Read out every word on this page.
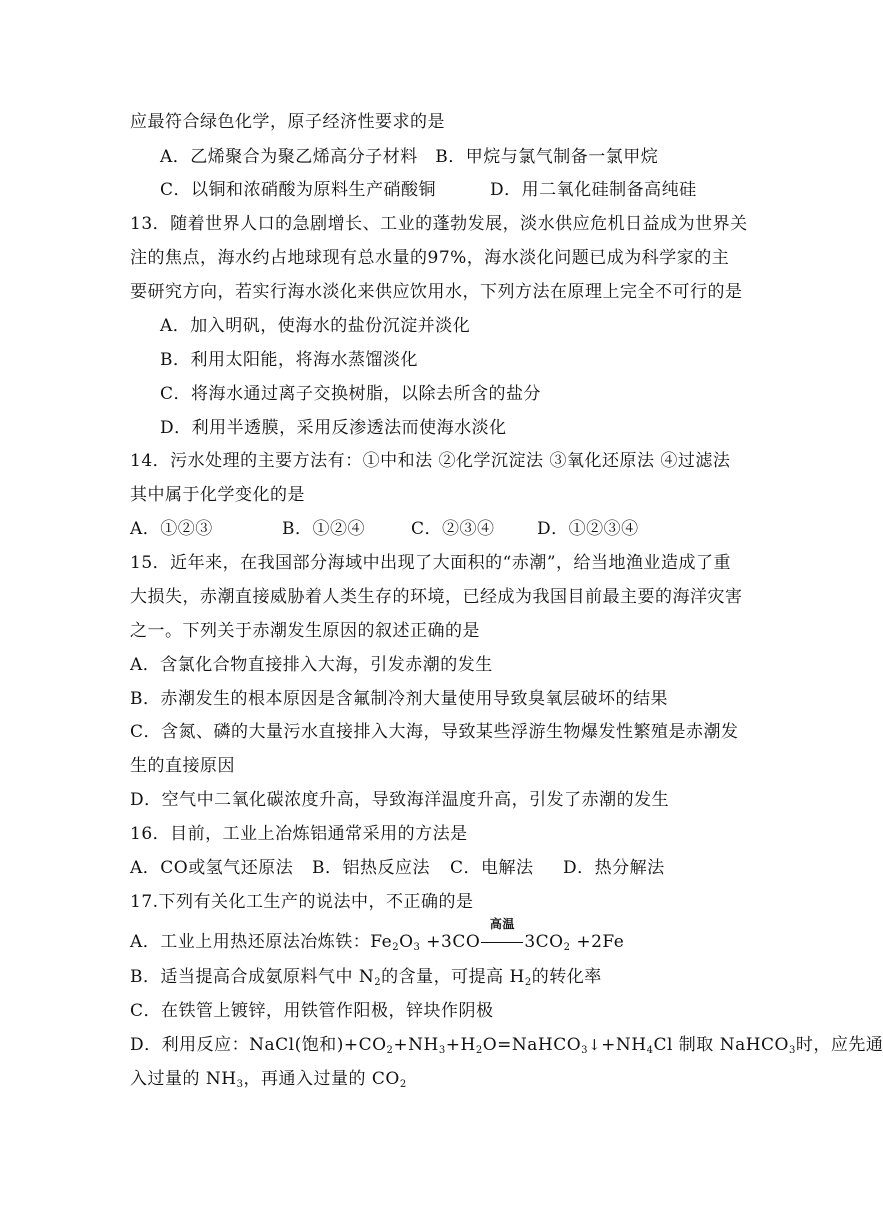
应最符合绿色化学，原子经济性要求的是
A．乙烯聚合为聚乙烯高分子材料　B．甲烷与氯气制备一氯甲烷
C．以铜和浓硝酸为原料生产硝酸铜	D．用二氧化硅制备高纯硅
13．随着世界人口的急剧增长、工业的蓬勃发展，淡水供应危机日益成为世界关
注的焦点，海水约占地球现有总水量的97%，海水淡化问题已成为科学家的主
要研究方向，若实行海水淡化来供应饮用水，下列方法在原理上完全不可行的是
A．加入明矾，使海水的盐份沉淀并淡化
B．利用太阳能，将海水蒸馏淡化
C．将海水通过离子交换树脂，以除去所含的盐分
D．利用半透膜，采用反渗透法而使海水淡化
14．污水处理的主要方法有：①中和法 ②化学沉淀法 ③氧化还原法 ④过滤法
其中属于化学变化的是
A．①②③	B．①②④	C．②③④ D．①②③④
15．近年来，在我国部分海域中出现了大面积的“赤潮”，给当地渔业造成了重
大损失，赤潮直接威胁着人类生存的环境，已经成为我国目前最主要的海洋灾害
之一。下列关于赤潮发生原因的叙述正确的是
A．含氯化合物直接排入大海，引发赤潮的发生
B．赤潮发生的根本原因是含氟制冷剂大量使用导致臭氧层破坏的结果
C．含氮、磷的大量污水直接排入大海，导致某些浮游生物爆发性繁殖是赤潮发
生的直接原因
D．空气中二氧化碳浓度升高，导致海洋温度升高，引发了赤潮的发生
16．目前，工业上冶炼铝通常采用的方法是
A．CO或氢气还原法 B．铝热反应法 C．电解法 D．热分解法
17.下列有关化工生产的说法中，不正确的是
A．工业上用热还原法冶炼铁：$Fe_2O_3 +3CO$
高温
$3CO_2 +2Fe$
B．适当提高合成氨原料气中 $N_2$的含量，可提高 $H_2$的转化率
C．在铁管上镀锌，用铁管作阳极，锌块作阴极
D．利用反应：NaCl(饱和)$+CO_2+NH_3+H_2O=NaHCO_3↓+NH_4Cl$ 制取 NaHCO$_3$时，应先通
入过量的 $NH_3$，再通入过量的 $CO_2$
